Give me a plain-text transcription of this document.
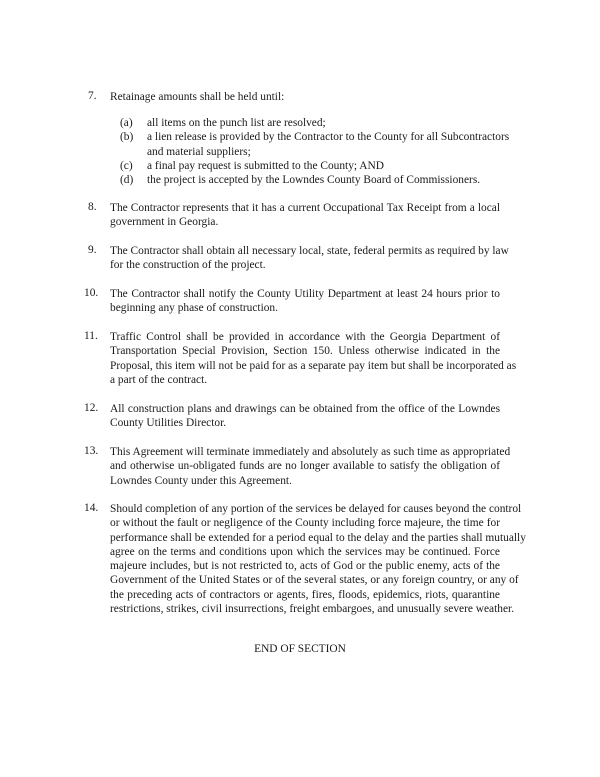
7. Retainage amounts shall be held until:
8. The Contractor represents that it has a current Occupational Tax Receipt from a local
government in Georgia.
9. The Contractor shall obtain all necessary local, state, federal permits as required by law
for the construction of the project.
10. The Contractor shall notify the County Utility Department at least 24 hours prior to
beginning any phase of construction.
11. Traffic Control shall be provided in accordance with the Georgia Department of
Transportation Special Provision, Section 150. Unless otherwise indicated in the
Proposal, this item will not be paid for as a separate pay item but shall be incorporated as
a part of the contract.
12. All construction plans and drawings can be obtained from the office of the Lowndes
County Utilities Director.
13. This Agreement will terminate immediately and absolutely as such time as appropriated
and otherwise un-obligated funds are no longer available to satisfy the obligation of
Lowndes County under this Agreement.
14. Should completion of any portion of the services be delayed for causes beyond the control
or without the fault or negligence of the County including force majeure, the time for
performance shall be extended for a period equal to the delay and the parties shall mutually
agree on the terms and conditions upon which the services may be continued. Force
majeure includes, but is not restricted to, acts of God or the public enemy, acts of the
Government of the United States or of the several states, or any foreign country, or any of
the preceding acts of contractors or agents, fires, floods, epidemics, riots, quarantine
restrictions, strikes, civil insurrections, freight embargoes, and unusually severe weather.
(a) all items on the punch list are resolved;
(b) a lien release is provided by the Contractor to the County for all Subcontractors
and material suppliers;
(c) a final pay request is submitted to the County; AND
(d) the project is accepted by the Lowndes County Board of Commissioners.
END OF SECTION
